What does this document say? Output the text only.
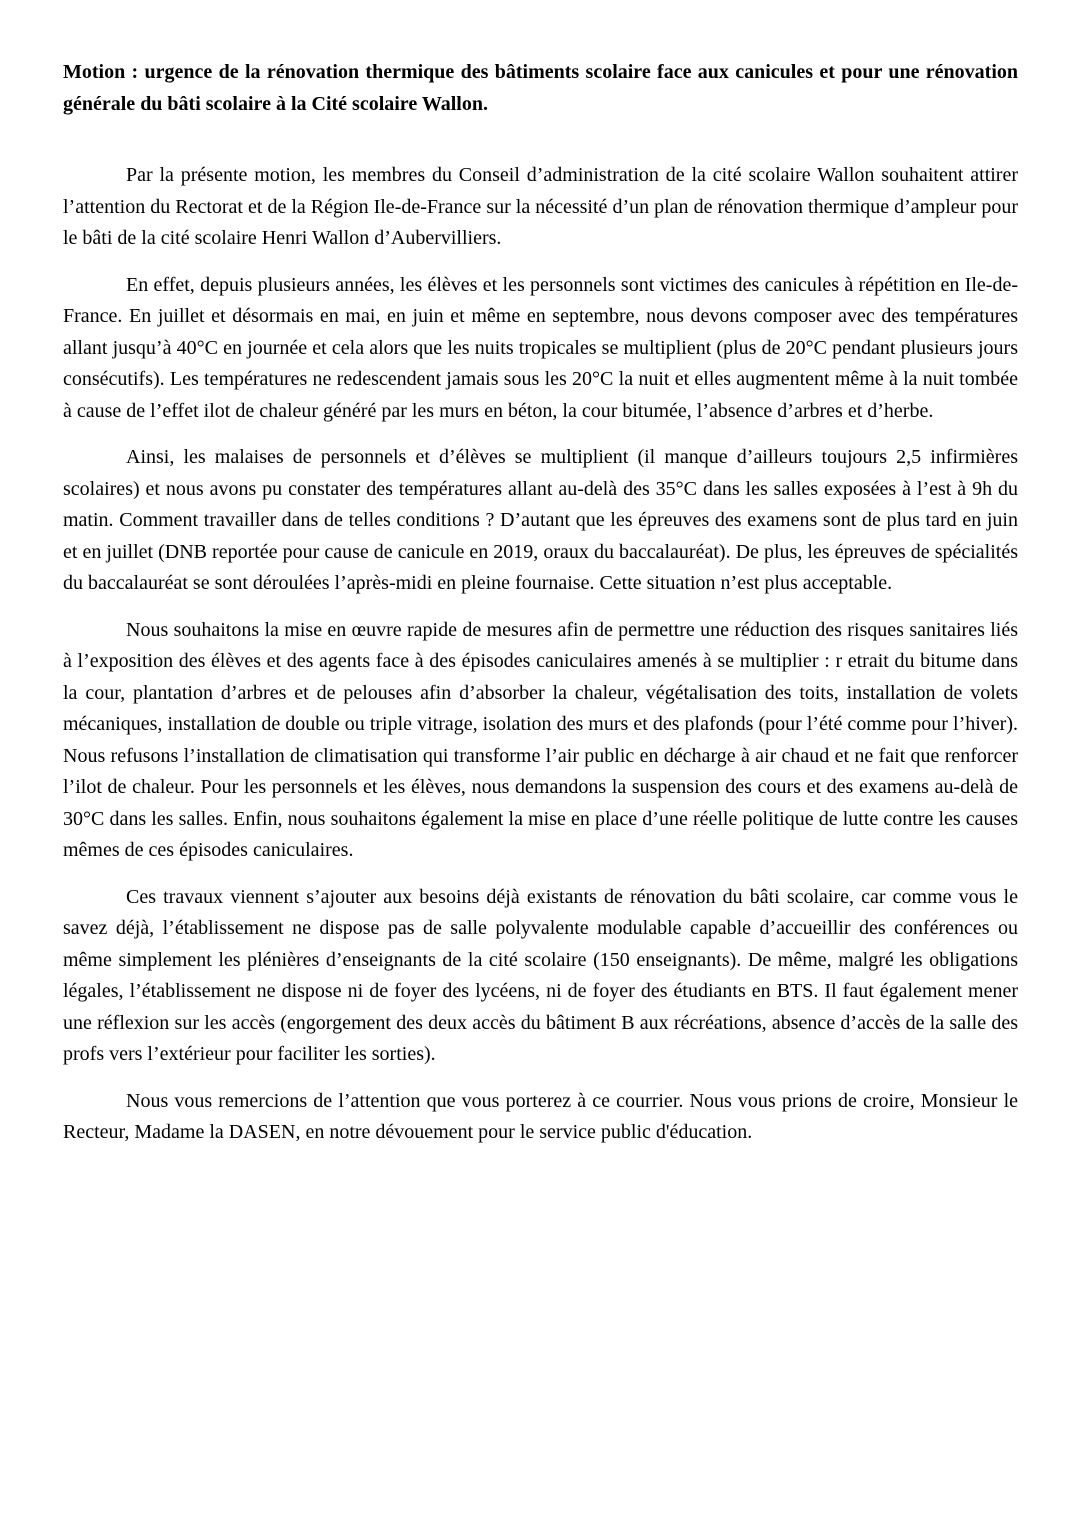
Motion : urgence de la rénovation thermique des bâtiments scolaire face aux canicules et pour une rénovation générale du bâti scolaire à la Cité scolaire Wallon.

Par la présente motion, les membres du Conseil d’administration de la cité scolaire Wallon souhaitent attirer l’attention du Rectorat et de la Région Ile-de-France sur la nécessité d’un plan de rénovation thermique d’ampleur pour le bâti de la cité scolaire Henri Wallon d’Aubervilliers.

En effet, depuis plusieurs années, les élèves et les personnels sont victimes des canicules à répétition en Ile-de-France. En juillet et désormais en mai, en juin et même en septembre, nous devons composer avec des températures allant jusqu’à 40°C en journée et cela alors que les nuits tropicales se multiplient (plus de 20°C pendant plusieurs jours consécutifs). Les températures ne redescendent jamais sous les 20°C la nuit et elles augmentent même à la nuit tombée à cause de l’effet ilot de chaleur généré par les murs en béton, la cour bitumée, l’absence d’arbres et d’herbe.

Ainsi, les malaises de personnels et d’élèves se multiplient (il manque d’ailleurs toujours 2,5 infirmières scolaires) et nous avons pu constater des températures allant au-delà des 35°C dans les salles exposées à l’est à 9h du matin. Comment travailler dans de telles conditions ? D’autant que les épreuves des examens sont de plus tard en juin et en juillet (DNB reportée pour cause de canicule en 2019, oraux du baccalauréat). De plus, les épreuves de spécialités du baccalauréat se sont déroulées l’après-midi en pleine fournaise. Cette situation n’est plus acceptable.

Nous souhaitons la mise en œuvre rapide de mesures afin de permettre une réduction des risques sanitaires liés à l’exposition des élèves et des agents face à des épisodes caniculaires amenés à se multiplier : r etrait du bitume dans la cour, plantation d’arbres et de pelouses afin d’absorber la chaleur, végétalisation des toits, installation de volets mécaniques, installation de double ou triple vitrage, isolation des murs et des plafonds (pour l’été comme pour l’hiver). Nous refusons l’installation de climatisation qui transforme l’air public en décharge à air chaud et ne fait que renforcer l’ilot de chaleur. Pour les personnels et les élèves, nous demandons la suspension des cours et des examens au-delà de 30°C dans les salles. Enfin, nous souhaitons également la mise en place d’une réelle politique de lutte contre les causes mêmes de ces épisodes caniculaires.

Ces travaux viennent s’ajouter aux besoins déjà existants de rénovation du bâti scolaire, car comme vous le savez déjà, l’établissement ne dispose pas de salle polyvalente modulable capable d’accueillir des conférences ou même simplement les plénières d’enseignants de la cité scolaire (150 enseignants). De même, malgré les obligations légales, l’établissement ne dispose ni de foyer des lycéens, ni de foyer des étudiants en BTS. Il faut également mener une réflexion sur les accès (engorgement des deux accès du bâtiment B aux récréations, absence d’accès de la salle des profs vers l’extérieur pour faciliter les sorties).

Nous vous remercions de l’attention que vous porterez à ce courrier. Nous vous prions de croire, Monsieur le Recteur, Madame la DASEN, en notre dévouement pour le service public d'éducation.
